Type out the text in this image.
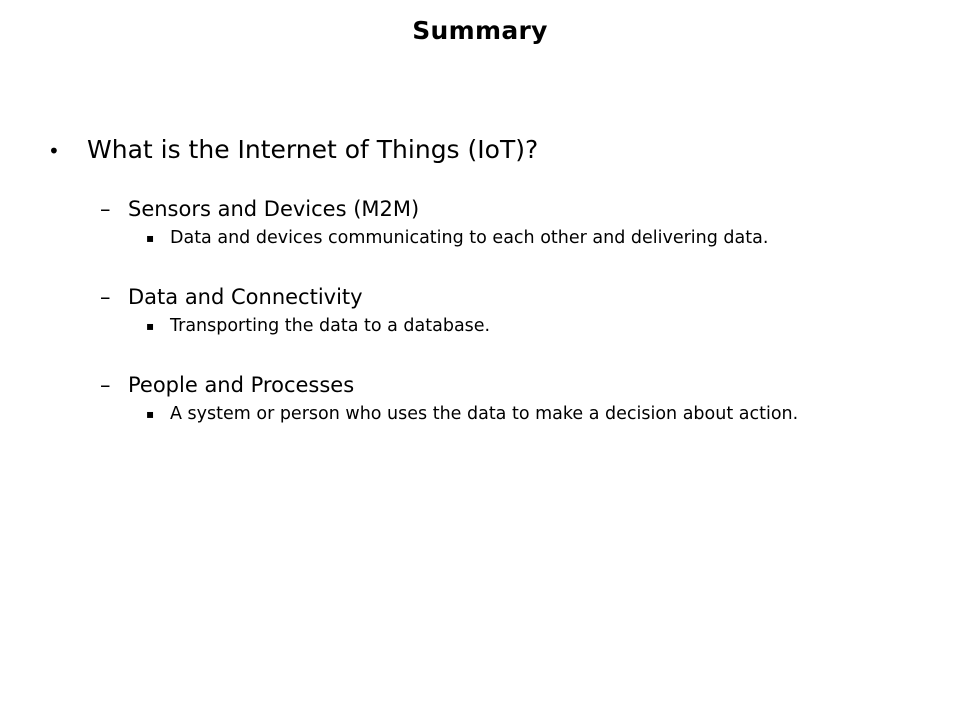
Summary
•	What is the Internet of Things (IoT)?
– Sensors and Devices (M2M)
▪ Data and devices communicating to each other and delivering data.
– Data and Connectivity
▪ Transporting the data to a database.
– People and Processes
▪ A system or person who uses the data to make a decision about action.
